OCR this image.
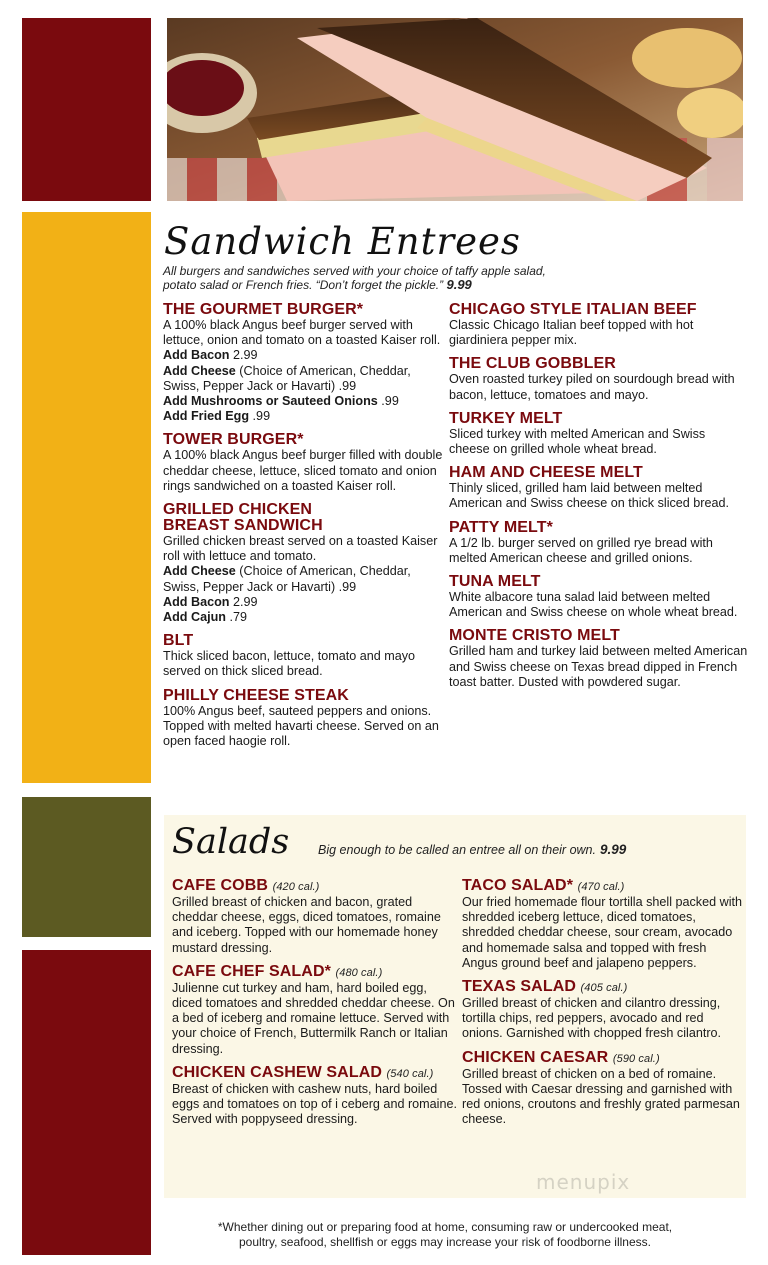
Sandwich Entrees
All burgers and sandwiches served with your choice of taffy apple salad,
potato salad or French fries. “Don’t forget the pickle.” 9.99
THE GOURMET BURGER*
A 100% black Angus beef burger served with lettuce, onion and tomato on a toasted Kaiser roll.
Add Bacon 2.99
Add Cheese (Choice of American, Cheddar, Swiss, Pepper Jack or Havarti) .99
Add Mushrooms or Sauteed Onions .99
Add Fried Egg .99
TOWER BURGER*
A 100% black Angus beef burger filled with double cheddar cheese, lettuce, sliced tomato and onion rings sandwiched on a toasted Kaiser roll.
GRILLED CHICKEN BREAST SANDWICH
Grilled chicken breast served on a toasted Kaiser roll with lettuce and tomato.
Add Cheese (Choice of American, Cheddar, Swiss, Pepper Jack or Havarti) .99
Add Bacon 2.99
Add Cajun .79
BLT
Thick sliced bacon, lettuce, tomato and mayo served on thick sliced bread.
PHILLY CHEESE STEAK
100% Angus beef, sauteed peppers and onions. Topped with melted havarti cheese. Served on an open faced haogie roll.
CHICAGO STYLE ITALIAN BEEF
Classic Chicago Italian beef topped with hot giardiniera pepper mix.
THE CLUB GOBBLER
Oven roasted turkey piled on sourdough bread with bacon, lettuce, tomatoes and mayo.
TURKEY MELT
Sliced turkey with melted American and Swiss cheese on grilled whole wheat bread.
HAM AND CHEESE MELT
Thinly sliced, grilled ham laid between melted American and Swiss cheese on thick sliced bread.
PATTY MELT*
A 1/2 lb. burger served on grilled rye bread with melted American cheese and grilled onions.
TUNA MELT
White albacore tuna salad laid between melted American and Swiss cheese on whole wheat bread.
MONTE CRISTO MELT
Grilled ham and turkey laid between melted American and Swiss cheese on Texas bread dipped in French toast batter. Dusted with powdered sugar.
Salads Big enough to be called an entree all on their own. 9.99
CAFE COBB (420 cal.)
Grilled breast of chicken and bacon, grated cheddar cheese, eggs, diced tomatoes, romaine and iceberg. Topped with our homemade honey mustard dressing.
CAFE CHEF SALAD* (480 cal.)
Julienne cut turkey and ham, hard boiled egg, diced tomatoes and shredded cheddar cheese. On a bed of iceberg and romaine lettuce. Served with your choice of French, Buttermilk Ranch or Italian dressing.
CHICKEN CASHEW SALAD (540 cal.)
Breast of chicken with cashew nuts, hard boiled eggs and tomatoes on top of i ceberg and romaine. Served with poppyseed dressing.
TACO SALAD* (470 cal.)
Our fried homemade flour tortilla shell packed with shredded iceberg lettuce, diced tomatoes, shredded cheddar cheese, sour cream, avocado and homemade salsa and topped with fresh Angus ground beef and jalapeno peppers.
TEXAS SALAD (405 cal.)
Grilled breast of chicken and cilantro dressing, tortilla chips, red peppers, avocado and red onions. Garnished with chopped fresh cilantro.
CHICKEN CAESAR (590 cal.)
Grilled breast of chicken on a bed of romaine. Tossed with Caesar dressing and garnished with red onions, croutons and freshly grated parmesan cheese.
menupix
*Whether dining out or preparing food at home, consuming raw or undercooked meat,
poultry, seafood, shellfish or eggs may increase your risk of foodborne illness.
